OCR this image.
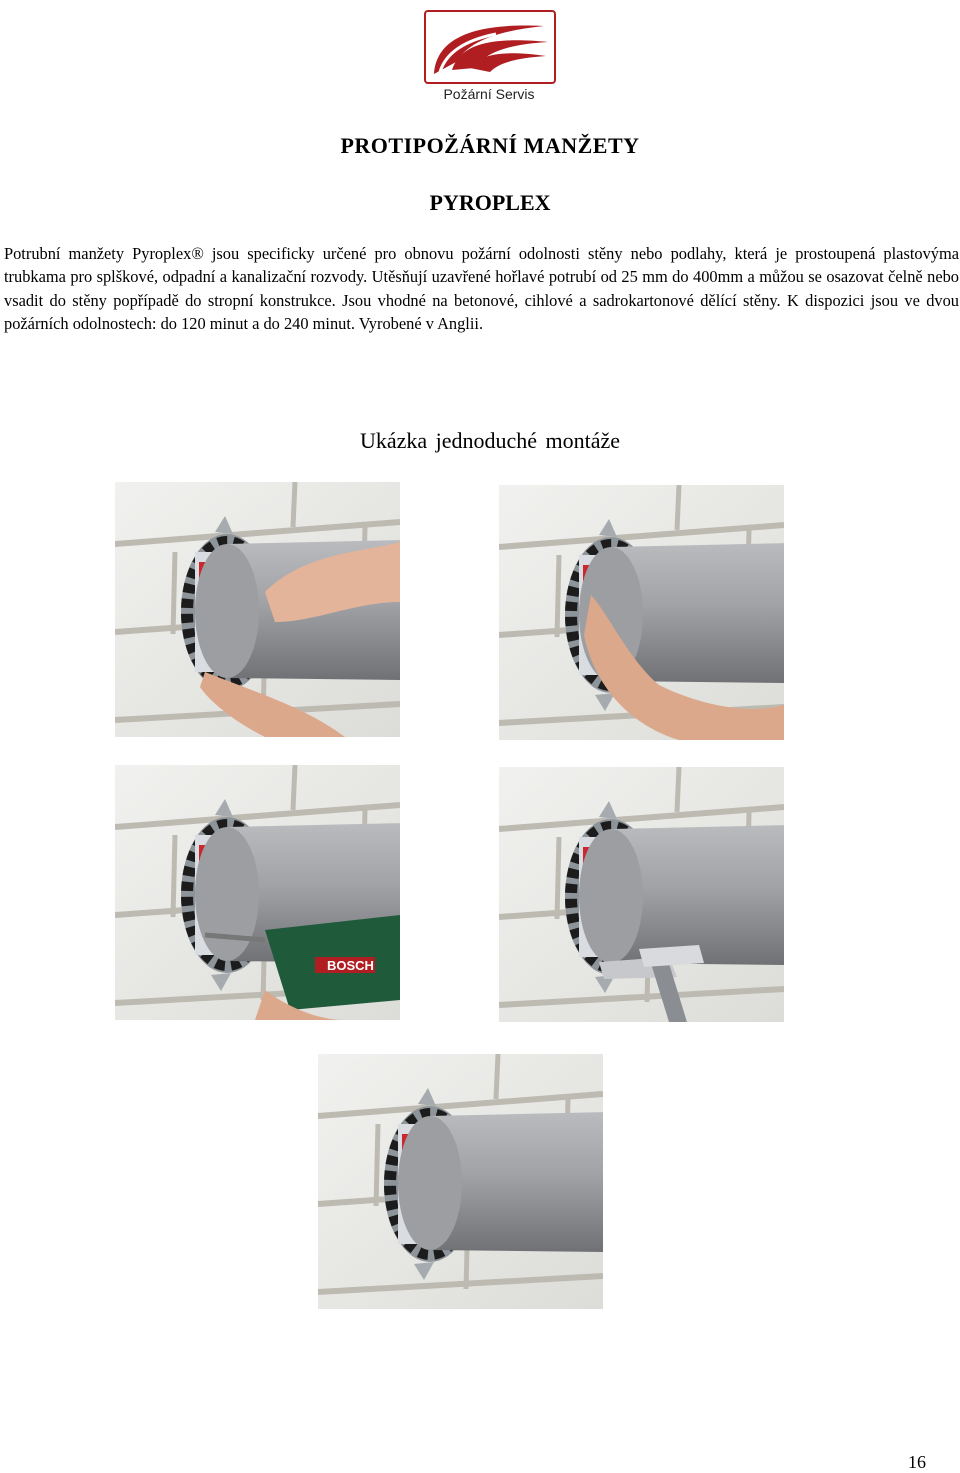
Požární Servis
PROTIPOŽÁRNÍ MANŽETY
PYROPLEX
Potrubní manžety Pyroplex® jsou specificky určené pro obnovu požární odolnosti stěny nebo podlahy, která je prostoupená plastovýma trubkama pro splškové, odpadní a kanalizační rozvody. Utěsňují uzavřené hořlavé potrubí od 25 mm do 400mm a můžou se osazovat čelně nebo vsadit do stěny popřípadě do stropní konstrukce. Jsou vhodné na betonové, cihlové a sadrokartonové dělící stěny. K dispozici jsou ve dvou požárních odolnostech: do 120 minut a do 240 minut. Vyrobené v Anglii.
Ukázka jednoduché montáže
BOSCH
16
